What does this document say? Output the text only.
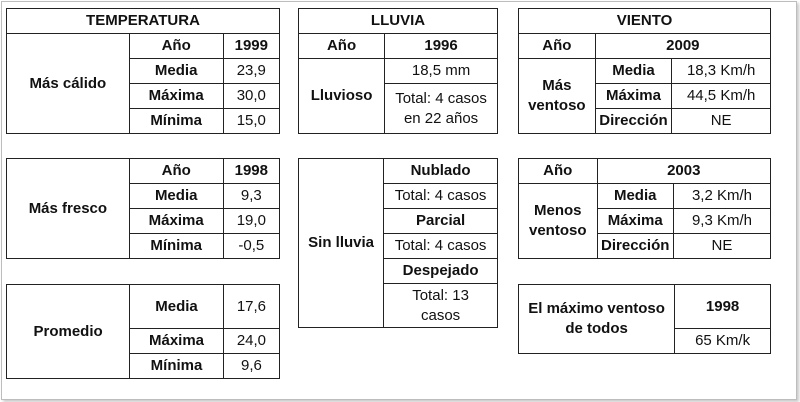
TEMPERATURA		
Más cálido	Año	1999
	Media	23,9
	Máxima	30,0
	Mínima	15,0
Más fresco	Año	1998
	Media	9,3
	Máxima	19,0
	Mínima	-0,5
Promedio	Media	17,6
	Máxima	24,0
	Mínima	9,6
LLUVIA	
Año	1996
Lluvioso	18,5 mm
	Total: 4 casos en 22 años
Sin lluvia	Nublado
Total: 4 casos
Parcial
Total: 4 casos
Despejado
Total: 13 casos
VIENTO		
Año	2009	
Más ventoso	Media	18,3 Km/h
	Máxima	44,5 Km/h
	Dirección	NE
Año	2003	
Menos ventoso	Media	3,2 Km/h
	Máxima	9,3 Km/h
	Dirección	NE
El máximo ventoso de todos	1998
65 Km/k
